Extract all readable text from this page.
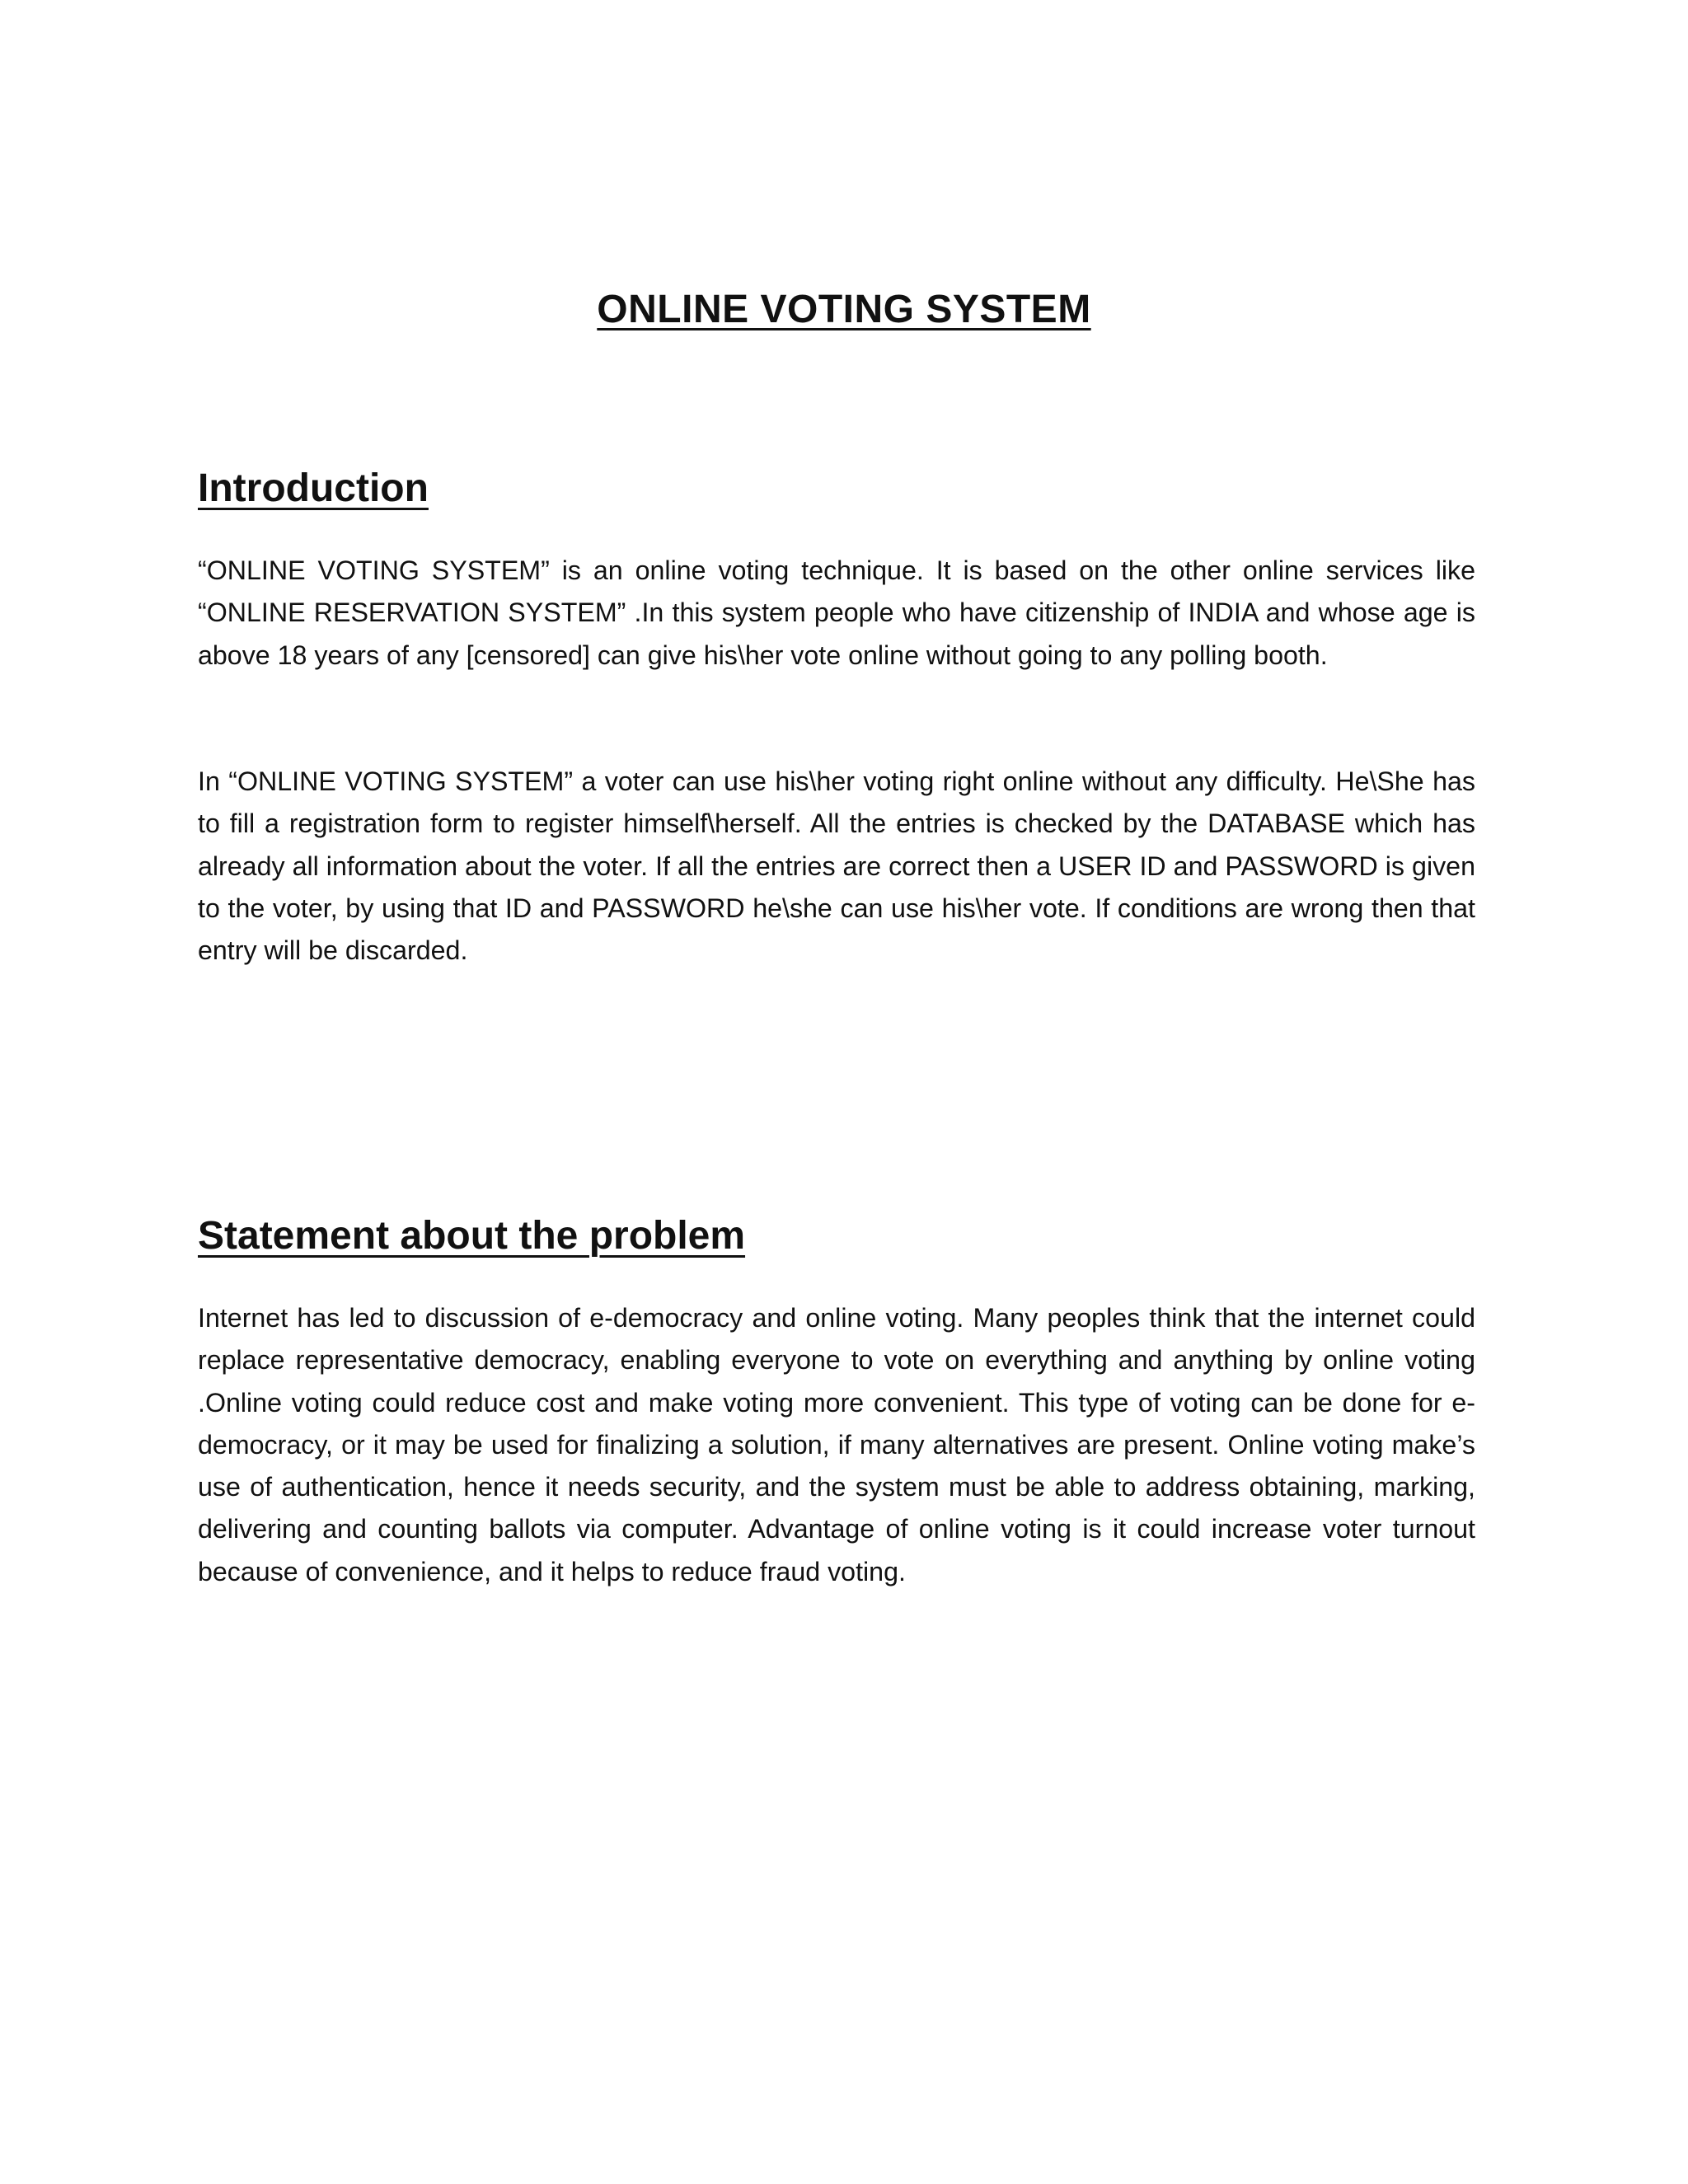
ONLINE VOTING SYSTEM
Introduction

“ONLINE VOTING SYSTEM” is an online voting technique. It is based on the other online services like “ONLINE RESERVATION SYSTEM” .In this system people who have citizenship of INDIA and whose age is above 18 years of any [censored] can give his\her vote online without going to any polling booth.

In “ONLINE VOTING SYSTEM” a voter can use his\her voting right online without any difficulty. He\She has to fill a registration form to register himself\herself. All the entries is checked by the DATABASE which has already all information about the voter. If all the entries are correct then a USER ID and PASSWORD is given to the voter, by using that ID and PASSWORD he\she can use his\her vote. If conditions are wrong then that entry will be discarded.

Statement about the problem

Internet has led to discussion of e-democracy and online voting. Many peoples think that the internet could replace representative democracy, enabling everyone to vote on everything and anything by online voting .Online voting could reduce cost and make voting more convenient. This type of voting can be done for e-democracy, or it may be used for finalizing a solution, if many alternatives are present. Online voting make’s use of authentication, hence it needs security, and the system must be able to address obtaining, marking, delivering and counting ballots via computer. Advantage of online voting is it could increase voter turnout because of convenience, and it helps to reduce fraud voting.
